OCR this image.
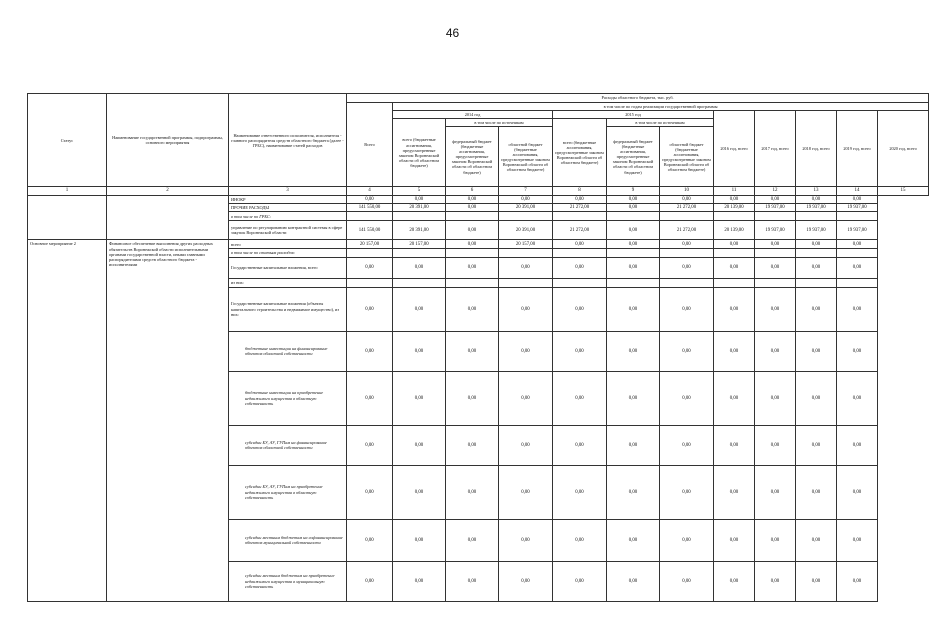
46
Статус	Наименование государственной программы, подпрограммы, основного мероприятия	Наименование ответственного исполнителя, исполнителя - главного распорядителя средств областного бюджета (далее - ГРБС), наименование статей расходов	Расходы областного бюджета, тыс. руб.											
			Всего	в том числе по годам реализации государственной программы										
				2014 год			2015 год			2016 год, всего	2017 год, всего	2018 год, всего	2019 год, всего	2020 год, всего
				всего (бюджетные ассигнования, предусмотренные законом Воронежской области об областном бюджете)	в том числе по источникам		всего (бюджетные ассигнования, предусмотренные законом Воронежской области об областном бюджете)	в том числе по источникам						
					федеральный бюджет (бюджетные ассигнования, предусмотренные законом Воронежской области об областном бюджете)	областной бюджет (бюджетные ассигнования, предусмотренные законом Воронежской области об областном бюджете)		федеральный бюджет (бюджетные ассигнования, предусмотренные законом Воронежской области об областном бюджете)	областной бюджет (бюджетные ассигнования, предусмотренные законом Воронежской области об областном бюджете)					
1	2	3	4	5	6	7	8	9	10	11	12	13	14	15
		ИНОКР	0,00	0,00	0,00	0,00	0,00	0,00	0,00	0,00	0,00	0,00	0,00	
		ПРОЧИЕ РАСХОДЫ	141 550,00	20 391,00	0,00	20 391,00	21 272,00	0,00	21 272,00	20 139,00	19 937,00	19 937,00	19 937,00	
		в том числе по ГРБС:												
		управление по регулированию контрактной системы в сфере закупок Воронежской области	141 550,00	20 391,00	0,00	20 391,00	21 272,00	0,00	21 272,00	20 139,00	19 937,00	19 937,00	19 937,00	
Основное мероприятие 2	Финансовое обеспечение выполнения других расходных обязательств Воронежской области исполнительными органами государственной власти, иными главными распорядителями средств областного бюджета - исполнителями	всего	20 157,00	20 157,00	0,00	20 157,00	0,00	0,00	0,00	0,00	0,00	0,00	0,00	
		в том числе по статьям расходов:												
		Государственные капитальные вложения, всего	0,00	0,00	0,00	0,00	0,00	0,00	0,00	0,00	0,00	0,00	0,00	
		из них:												
		Государственные капитальные вложения (объекты капитального строительства и недвижимое имущество), из них:	0,00	0,00	0,00	0,00	0,00	0,00	0,00	0,00	0,00	0,00	0,00	
		бюджетные инвестиции на финансирование объектов областной собственности	0,00	0,00	0,00	0,00	0,00	0,00	0,00	0,00	0,00	0,00	0,00	
		бюджетные инвестиции на приобретение недвижимого имущества в областную собственность	0,00	0,00	0,00	0,00	0,00	0,00	0,00	0,00	0,00	0,00	0,00	
		субсидии БУ, АУ, ГУПам на финансирование объектов областной собственности	0,00	0,00	0,00	0,00	0,00	0,00	0,00	0,00	0,00	0,00	0,00	
		субсидии БУ, АУ, ГУПам на приобретение недвижимого имущества в областную собственность	0,00	0,00	0,00	0,00	0,00	0,00	0,00	0,00	0,00	0,00	0,00	
		субсидии местным бюджетам на софинансирование объектов муниципальной собственности	0,00	0,00	0,00	0,00	0,00	0,00	0,00	0,00	0,00	0,00	0,00	
		субсидии местным бюджетам на приобретение недвижимого имущества в муниципальную собственность	0,00	0,00	0,00	0,00	0,00	0,00	0,00	0,00	0,00	0,00	0,00	
